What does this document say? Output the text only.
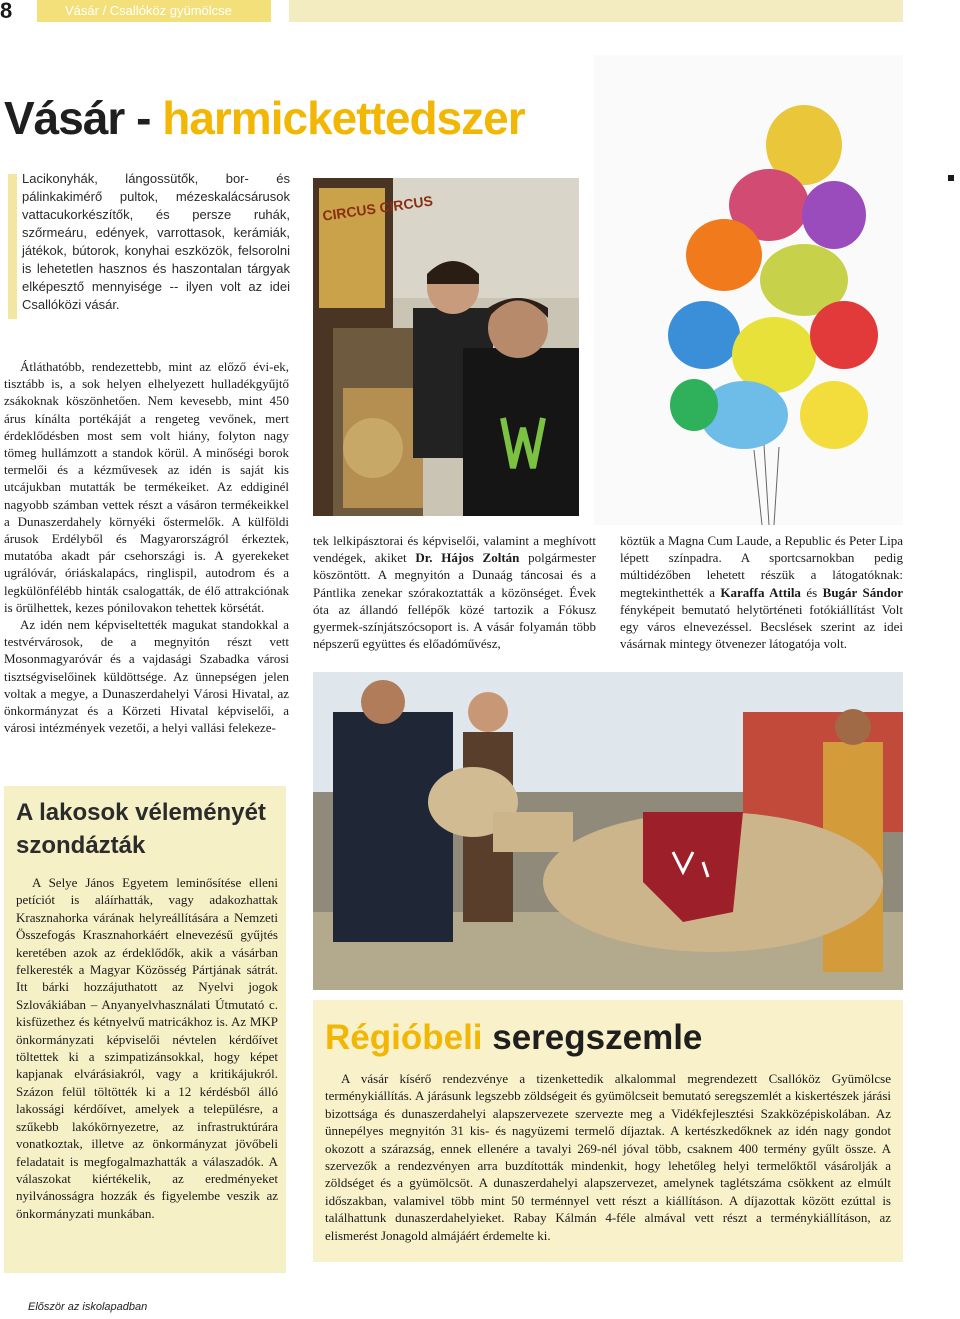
8	Vásár / Csallóköz gyümölcse
Vásár - harmickettedszer

Lacikonyhák, lángossütők, bor- és pálinkakimérő pultok, mézeskalácsárusok vattacukorkészítők, és persze ruhák, szőrmeáru, edények, varrottasok, kerámiák, játékok, bútorok, konyhai eszközök, felsorolni is lehetetlen hasznos és haszontalan tárgyak elképesztő mennyisége -- ilyen volt az idei Csallóközi vásár.

Átláthatóbb, rendezettebb, mint az előző évi-ek, tisztább is, a sok helyen elhelyezett hulladékgyűjtő zsákoknak köszönhetően. Nem kevesebb, mint 450 árus kínálta portékáját a rengeteg vevőnek, mert érdeklődésben most sem volt hiány, folyton nagy tömeg hullámzott a standok körül. A minőségi borok termelői és a kézművesek az idén is saját kis utcájukban mutatták be termékeiket. Az eddiginél nagyobb számban vettek részt a vásáron termékeikkel a Dunaszerdahely környéki őstermelők. A külföldi árusok Erdélyből és Magyarországról érkeztek, mutatóba akadt pár csehországi is. A gyerekeket ugrálóvár, óriáskalapács, ringlispil, autodrom és a legkülönfélébb hinták csalogatták, de élő attrakciónak is örülhettek, kezes pónilovakon tehettek körsétát.

Az idén nem képviseltették magukat standokkal a testvérvárosok, de a megnyitón részt vett Mosonmagyaróvár és a vajdasági Szabadka városi tisztségviselőinek küldöttsége. Az ünnepségen jelen voltak a megye, a Dunaszerdahelyi Városi Hivatal, az önkormányzat és a Körzeti Hivatal képviselői, a városi intézmények vezetői, a helyi vallási felekeze-

tek lelkipásztorai és képviselői, valamint a meghívott vendégek, akiket Dr. Hájos Zoltán polgármester köszöntött. A megnyitón a Dunaág táncosai és a Pántlika zenekar szórakoztatták a közönséget. Évek óta az állandó fellépők közé tartozik a Fókusz gyermek-színjátszócsoport is. A vásár folyamán több népszerű együttes és előadóművész,

köztük a Magna Cum Laude, a Republic és Peter Lipa lépett színpadra. A sportcsarnokban pedig múltidézőben lehetett részük a látogatóknak: megtekinthették a Karaffa Attila és Bugár Sándor fényképeit bemutató helytörténeti fotókiállítást Volt egy város elnevezéssel. Becslések szerint az idei vásárnak mintegy ötvenezer látogatója volt.

CIRCUS CIRCUS
A lakosok véleményét szondázták

A Selye János Egyetem leminősítése elleni petíciót is aláírhatták, vagy adakozhattak Krasznahorka várának helyreállítására a Nemzeti Összefogás Krasznahorkáért elnevezésű gyűjtés keretében azok az érdeklődők, akik a vásárban felkeresték a Magyar Közösség Pártjának sátrát. Itt bárki hozzájuthatott az Nyelvi jogok Szlovákiában – Anyanyelvhasználati Útmutató c. kisfüzethez és kétnyelvű matricákhoz is. Az MKP önkormányzati képviselői névtelen kérdőívet töltettek ki a szimpatizánsokkal, hogy képet kapjanak elvárásiakról, vagy a kritikájukról. Százon felül töltötték ki a 12 kérdésből álló lakossági kérdőívet, amelyek a településre, a szűkebb lakókörnyezetre, az infrastruktúrára vonatkoztak, illetve az önkormányzat jövőbeli feladatait is megfogalmazhatták a válaszadók. A válaszokat kiértékelik, az eredményeket nyilvánosságra hozzák és figyelembe veszik az önkormányzati munkában.

Régióbeli seregszemle

A vásár kísérő rendezvénye a tizenkettedik alkalommal megrendezett Csallóköz Gyümölcse terménykiállítás. A járásunk legszebb zöldségeit és gyümölcseit bemutató seregszemlét a kiskertészek járási bizottsága és dunaszerdahelyi alapszervezete szervezte meg a Vidékfejlesztési Szakközépiskolában. Az ünnepélyes megnyitón 31 kis- és nagyüzemi termelő díjaztak. A kertészkedőknek az idén nagy gondot okozott a szárazság, ennek ellenére a tavalyi 269-nél jóval több, csaknem 400 termény gyűlt össze. A szervezők a rendezvényen arra buzdították mindenkit, hogy lehetőleg helyi termelőktől vásárolják a zöldséget és a gyümölcsöt. A dunaszerdahelyi alapszervezet, amelynek taglétszáma csökkent az elmúlt időszakban, valamivel több mint 50 terménnyel vett részt a kiállításon. A díjazottak között ezúttal is találhattunk dunaszerdahelyieket. Rabay Kálmán 4-féle almával vett részt a terménykiállításon, az elismerést Jonagold almájáért érdemelte ki.

Először az iskolapadban
